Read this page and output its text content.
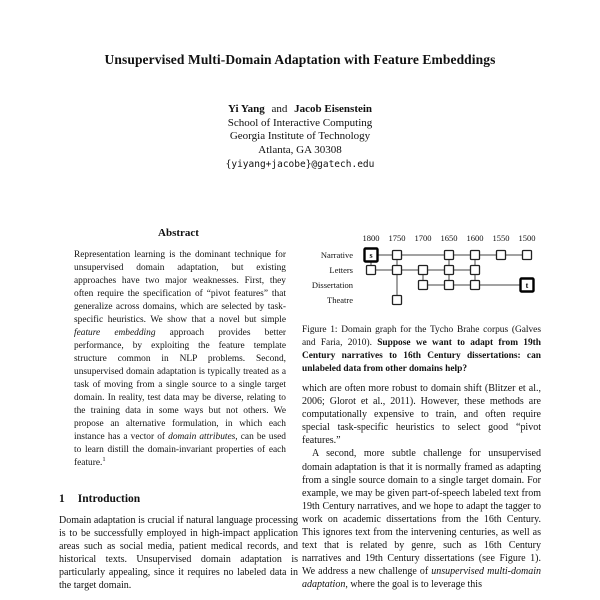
Unsupervised Multi-Domain Adaptation with Feature Embeddings
Yi Yang and Jacob Eisenstein
School of Interactive Computing
Georgia Institute of Technology
Atlanta, GA 30308
{yiyang+jacobe}@gatech.edu
Abstract

Representation learning is the dominant technique for unsupervised domain adaptation, but existing approaches have two major weaknesses. First, they often require the specification of “pivot features” that generalize across domains, which are selected by task-specific heuristics. We show that a novel but simple feature embedding approach provides better performance, by exploiting the feature template structure common in NLP problems. Second, unsupervised domain adaptation is typically treated as a task of moving from a single source to a single target domain. In reality, test data may be diverse, relating to the training data in some ways but not others. We propose an alternative formulation, in which each instance has a vector of domain attributes, can be used to learn distill the domain-invariant properties of each feature.$^1$

1 Introduction

Domain adaptation is crucial if natural language processing is to be successfully employed in high-impact application areas such as social media, patient medical records, and historical texts. Unsupervised domain adaptation is particularly appealing, since it requires no labeled data in the target domain.

s
t
1800 1750 1700 1650 1600 1550 1500
Narrative
Letters
Dissertation
Theatre
Figure 1: Domain graph for the Tycho Brahe corpus (Galves and Faria, 2010). Suppose we want to adapt from 19th Century narratives to 16th Century dissertations: can unlabeled data from other domains help?

which are often more robust to domain shift (Blitzer et al., 2006; Glorot et al., 2011). However, these methods are computationally expensive to train, and often require special task-specific heuristics to select good “pivot features.”

A second, more subtle challenge for unsupervised domain adaptation is that it is normally framed as adapting from a single source domain to a single target domain. For example, we may be given part-of-speech labeled text from 19th Century narratives, and we hope to adapt the tagger to work on academic dissertations from the 16th Century. This ignores text from the intervening centuries, as well as text that is related by genre, such as 16th Century narratives and 19th Century dissertations (see Figure 1). We address a new challenge of unsupervised multi-domain adaptation, where the goal is to leverage this
